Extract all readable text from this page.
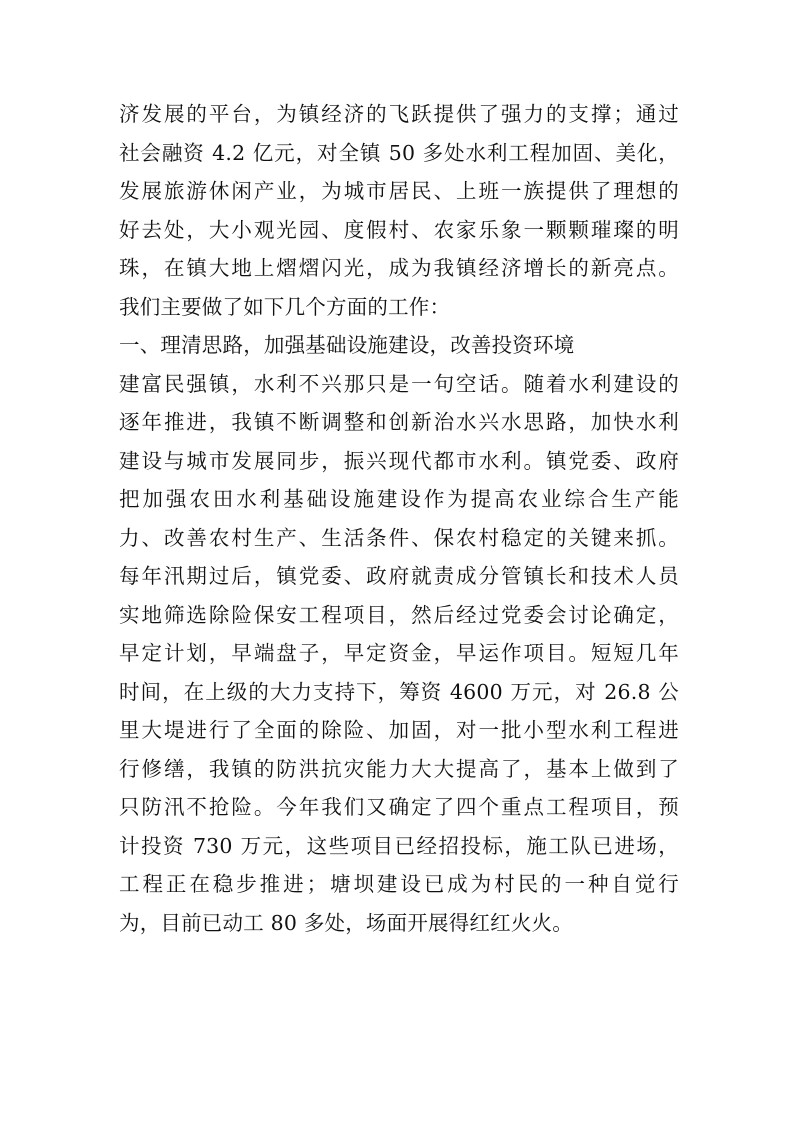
济发展的平台，为镇经济的飞跃提供了强力的支撑；通过
社会融资 4.2 亿元，对全镇 50 多处水利工程加固、美化，
发展旅游休闲产业，为城市居民、上班一族提供了理想的
好去处，大小观光园、度假村、农家乐象一颗颗璀璨的明
珠，在镇大地上熠熠闪光，成为我镇经济增长的新亮点。
我们主要做了如下几个方面的工作：
一、理清思路，加强基础设施建设，改善投资环境
建富民强镇，水利不兴那只是一句空话。随着水利建设的
逐年推进，我镇不断调整和创新治水兴水思路，加快水利
建设与城市发展同步，振兴现代都市水利。镇党委、政府
把加强农田水利基础设施建设作为提高农业综合生产能
力、改善农村生产、生活条件、保农村稳定的关键来抓。
每年汛期过后，镇党委、政府就责成分管镇长和技术人员
实地筛选除险保安工程项目，然后经过党委会讨论确定，
早定计划，早端盘子，早定资金，早运作项目。短短几年
时间，在上级的大力支持下，筹资 4600 万元，对 26.8 公
里大堤进行了全面的除险、加固，对一批小型水利工程进
行修缮，我镇的防洪抗灾能力大大提高了，基本上做到了
只防汛不抢险。今年我们又确定了四个重点工程项目，预
计投资 730 万元，这些项目已经招投标，施工队已进场，
工程正在稳步推进；塘坝建设已成为村民的一种自觉行
为，目前已动工 80 多处，场面开展得红红火火。
